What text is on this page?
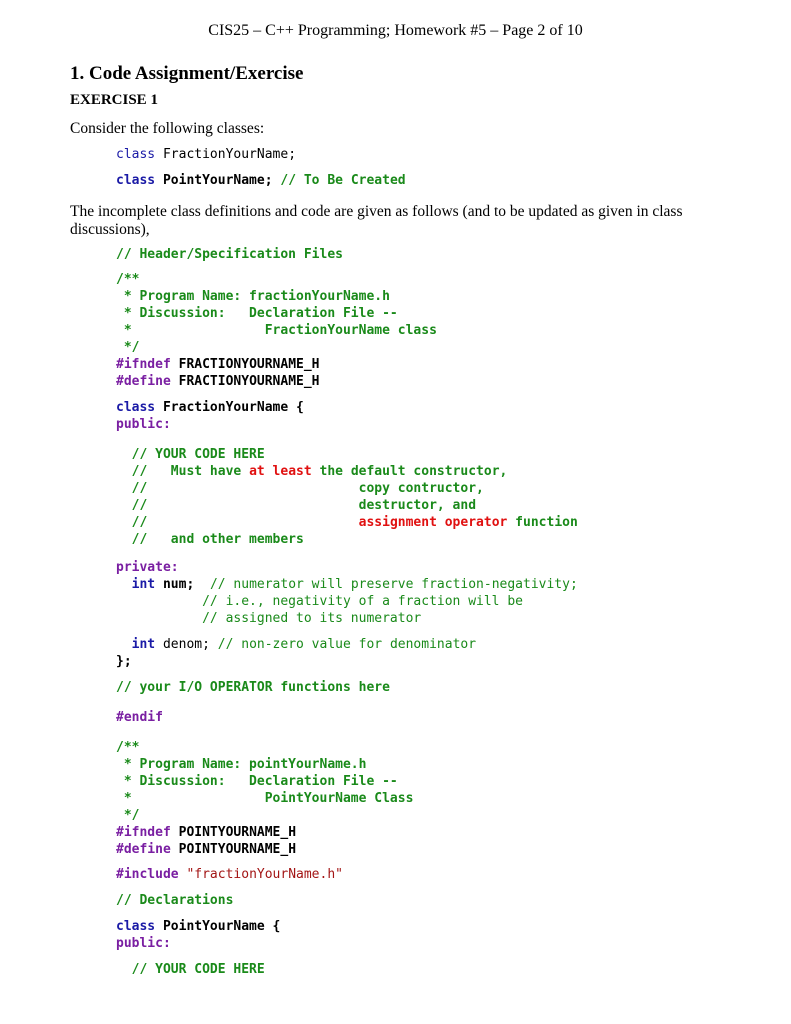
CIS25 – C++ Programming; Homework #5 – Page 2 of 10
1. Code Assignment/Exercise
EXERCISE 1
Consider the following classes:
class FractionYourName;
class PointYourName; // To Be Created
The incomplete class definitions and code are given as follows (and to be updated as given in class discussions),
// Header/Specification Files
/**
* Program Name: fractionYourName.h
* Discussion:   Declaration File --
*                 FractionYourName class
*/
#ifndef FRACTIONYOURNAME_H
#define FRACTIONYOURNAME_H
class FractionYourName {
public:
// YOUR CODE HERE
//   Must have at least the default constructor,
//                           copy contructor,
//                           destructor, and
//                           assignment operator function
//   and other members
private:
int num; // numerator will preserve fraction-negativity;
// i.e., negativity of a fraction will be
// assigned to its numerator
int denom; // non-zero value for denominator
};
// your I/O OPERATOR functions here
#endif
/**
* Program Name: pointYourName.h
* Discussion:   Declaration File --
*                 PointYourName Class
*/
#ifndef POINTYOURNAME_H
#define POINTYOURNAME_H
#include "fractionYourName.h"
// Declarations
class PointYourName {
public:
// YOUR CODE HERE
